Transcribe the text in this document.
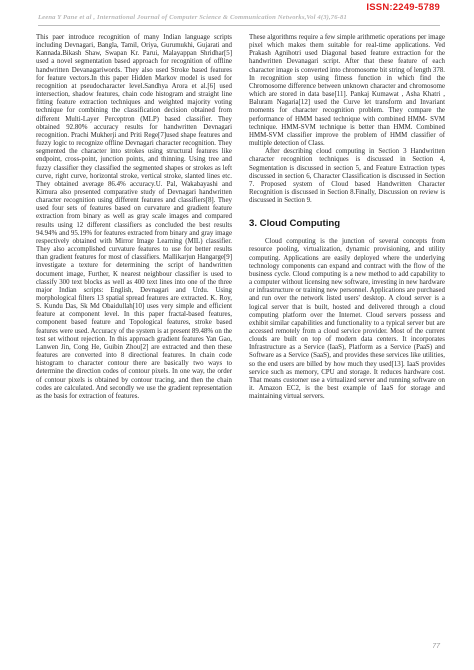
ISSN:2249-5789
Leena Y Pane et al , International Journal of Computer Science & Communication Networks,Vol 4(3),76-81

This paer introduce recognition of many Indian language scripts including Devnagari, Bangla, Tamil, Oriya, Gurumukhi, Gujarati and Kannada.Bikash Shaw, Swapan Kr. Parui, Malayappan Shridhar[5] used a novel segmentation based approach for recognition of offline handwritten Devanagariwords. They also used Stroke based features for feature vectors.In this paper Hidden Markov model is used for recognition at pseudocharacter level.Sandhya Arora et al.[6] used intersection, shadow features, chain code histogram and straight line fitting feature extraction techniques and weighted majority voting technique for combining the classification decision obtained from different Multi-Layer Perceptron (MLP) based classifier. They obtained 92.80% accuracy results for handwritten Devnagari recognition. Prachi Mukherji and Priti Rege[7]used shape features and fuzzy logic to recognize offline Devnagari character recognition. They segmented the character into strokes using structural features like endpoint, cross-point, junction points, and thinning. Using tree and fuzzy classifier they classified the segmented shapes or strokes as left curve, right curve, horizontal stroke, vertical stroke, slanted lines etc. They obtained average 86.4% accuracy.U. Pal, Wakabayashi and Kimura also presented comparative study of Devnagari handwritten character recognition using different features and classifiers[8]. They used four sets of features based on curvature and gradient feature extraction from binary as well as gray scale images and compared results using 12 different classifiers as concluded the best results 94.94% and 95.19% for features extracted from binary and gray image respectively obtained with Mirror Image Learning (MIL) classifier. They also accomplished curvature features to use for better results than gradient features for most of classifiers. Mallikarjun Hangarge[9] investigate a texture for determining the script of handwritten document image, Further, K nearest neighbour classifier is used to classify 300 text blocks as well as 400 text lines into one of the three major Indian scripts: English, Devnagari and Urdu. Using morphological filters 13 spatial spread features are extracted. K. Roy, S. Kundu Das, Sk Md Obaidullah[10] uses very simple and efficient feature at component level. In this paper fractal-based features, component based feature and Topological features, stroke based features were used. Accuracy of the system is at present 89.48% on the test set without rejection. In this approach gradient features Yan Gao, Lanwen Jin, Cong He, Guibin Zhou[2] are extracted and then these features are converted into 8 directional features. In chain code histogram to character contour there are basically two ways to determine the direction codes of contour pixels. In one way, the order of contour pixels is obtained by contour tracing, and then the chain codes are calculated. And secondly we use the gradient representation as the basis for extraction of features.

These algorithms require a few simple arithmetic operations per image pixel which makes them suitable for real-time applications. Ved Prakash Agnihotri used Diagonal based feature extraction for the handwritten Devanagari script. After that these feature of each character image is converted into chromosome bit string of length 378. In recognition step using fitness function in which find the Chromosome difference between unknown character and chromosome which are stored in data base[11]. Pankaj Kumawat , Asha Khatri , Baluram Nagaria[12] used the Curve let transform and Invariant moments for character recognition problem. They compare the performance of HMM based technique with combined HMM- SVM technique. HMM-SVM technique is better than HMM. Combined HMM-SVM classifier improve the problem of HMM classifier of multiple detection of Class.

After describing cloud computing in Section 3 Handwritten character recognition techniques is discussed in Section 4, Segmentation is discussed in section 5, and Feature Extraction types discussed in section 6, Character Classification is discussed in Section 7. Proposed system of Cloud based Handwritten Character Recognition is discussed in Section 8.Finally, Discussion on review is discussed in Section 9.

3. Cloud Computing

Cloud computing is the junction of several concepts from resource pooling, virtualization, dynamic provisioning, and utility computing. Applications are easily deployed where the underlying technology components can expand and contract with the flow of the business cycle. Cloud computing is a new method to add capability to a computer without licensing new software, investing in new hardware or infrastructure or training new personnel. Applications are purchased and run over the network listed users' desktop. A cloud server is a logical server that is built, hosted and delivered through a cloud computing platform over the Internet. Cloud servers possess and exhibit similar capabilities and functionality to a typical server but are accessed remotely from a cloud service provider. Most of the current clouds are built on top of modern data centers. It incorporates Infrastructure as a Service (IaaS), Platform as a Service (PaaS) and Software as a Service (SaaS), and provides these services like utilities, so the end users are billed by how much they used[13]. IaaS provides service such as memory, CPU and storage. It reduces hardware cost. That means customer use a virtualized server and running software on it. Amazon EC2, is the best example of IaaS for storage and maintaining virtual servers.

77
